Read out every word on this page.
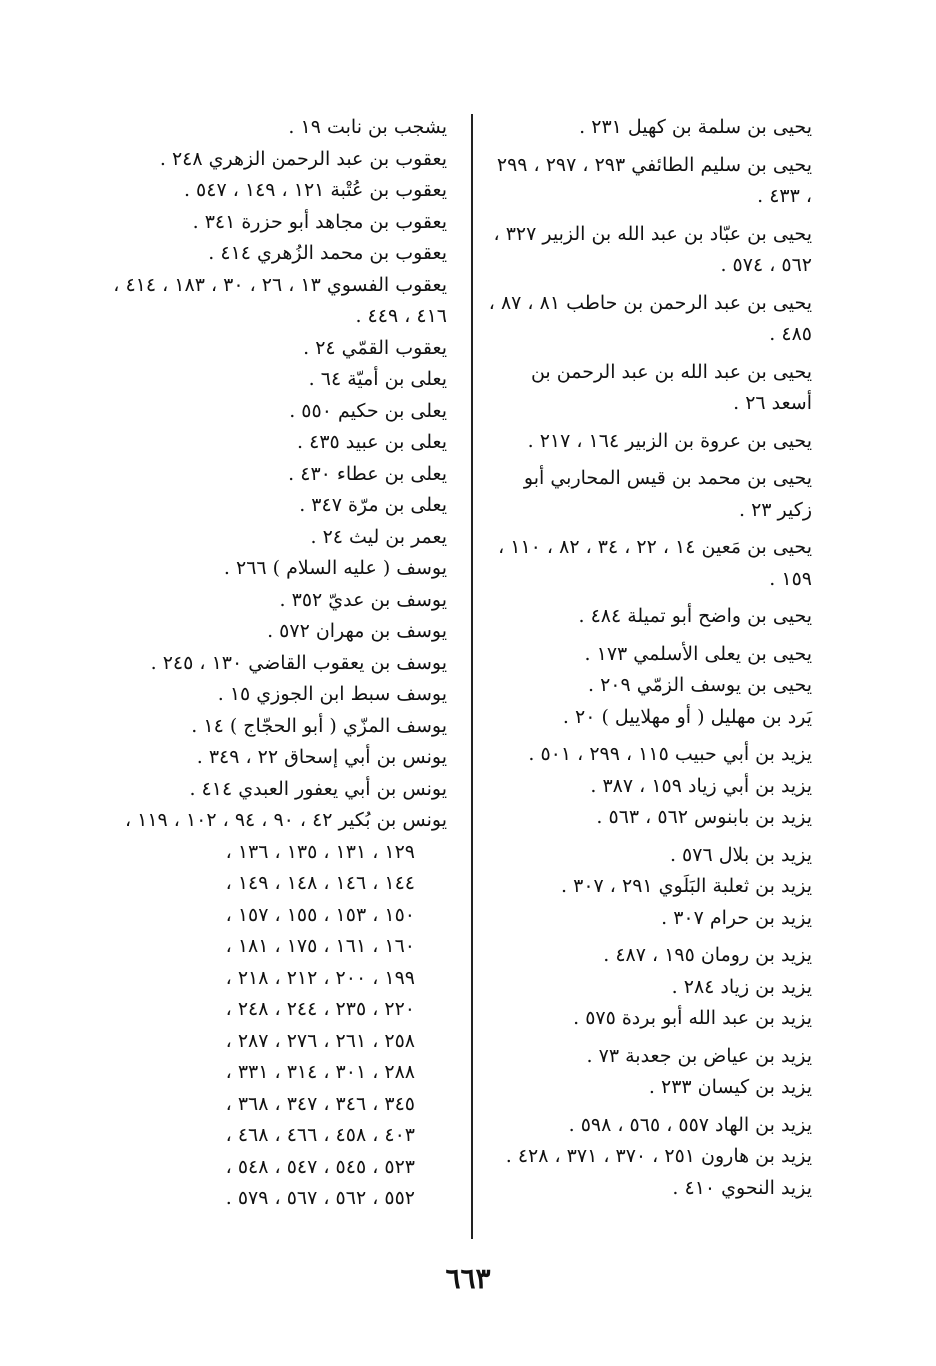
يحيى بن سلمة بن كهيل ٢٣١ .

يحيى بن سليم الطائفي ٢٩٣ ، ٢٩٧ ، ٢٩٩ ، ٤٣٣ .

يحيى بن عبّاد بن عبد الله بن الزبير ٣٢٧ ، ٥٦٢ ، ٥٧٤ .

يحيى بن عبد الرحمن بن حاطب ٨١ ، ٨٧ ، ٤٨٥ .

يحيى بن عبد الله بن عبد الرحمن بن أسعد ٢٦ .

يحيى بن عروة بن الزبير ١٦٤ ، ٢١٧ .

يحيى بن محمد بن قيس المحاربي أبو زكير ٢٣ .

يحيى بن مَعين ١٤ ، ٢٢ ، ٣٤ ، ٨٢ ، ١١٠ ، ١٥٩ .

يحيى بن واضح أبو تميلة ٤٨٤ .

يحيى بن يعلى الأسلمي ١٧٣ .

يحيى بن يوسف الزمّي ٢٠٩ .

يَرد بن مهليل ( أو مهلاييل ) ٢٠ .

يزيد بن أبي حبيب ١١٥ ، ٢٩٩ ، ٥٠١ .

يزيد بن أبي زياد ١٥٩ ، ٣٨٧ .

يزيد بن بابنوس ٥٦٢ ، ٥٦٣ .

يزيد بن بلال ٥٧٦ .

يزيد بن ثعلبة البَلَوي ٢٩١ ، ٣٠٧ .

يزيد بن حرام ٣٠٧ .

يزيد بن رومان ١٩٥ ، ٤٨٧ .

يزيد بن زياد ٢٨٤ .

يزيد بن عبد الله أبو بردة ٥٧٥ .

يزيد بن عياض بن جعدبة ٧٣ .

يزيد بن كيسان ٢٣٣ .

يزيد بن الهاد ٥٥٧ ، ٥٦٥ ، ٥٩٨ .

يزيد بن هارون ٢٥١ ، ٣٧٠ ، ٣٧١ ، ٤٢٨ .

يزيد النحوي ٤١٠ .

يشجب بن نابت ١٩ .

يعقوب بن عبد الرحمن الزهري ٢٤٨ .

يعقوب بن عُتْبة ١٢١ ، ١٤٩ ، ٥٤٧ .

يعقوب بن مجاهد أبو حزرة ٣٤١ .

يعقوب بن محمد الزُهري ٤١٤ .

يعقوب الفسوي ١٣ ، ٢٦ ، ٣٠ ، ١٨٣ ، ٤١٤ ، ٤١٦ ، ٤٤٩ .

يعقوب القمّي ٢٤ .

يعلى بن أميّة ٦٤ .

يعلى بن حكيم ٥٥٠ .

يعلى بن عبيد ٤٣٥ .

يعلى بن عطاء ٤٣٠ .

يعلى بن مرّة ٣٤٧ .

يعمر بن ليث ٢٤ .

يوسف ( عليه السلام ) ٢٦٦ .

يوسف بن عديّ ٣٥٢ .

يوسف بن مهران ٥٧٢ .

يوسف بن يعقوب القاضي ١٣٠ ، ٢٤٥ .

يوسف سبط ابن الجوزي ١٥ .

يوسف المزّي ( أبو الحجّاج ) ١٤ .

يونس بن أبي إسحاق ٢٢ ، ٣٤٩ .

يونس بن أبي يعفور العبدي ٤١٤ .

يونس بن بُكير ٤٢ ، ٩٠ ، ٩٤ ، ١٠٢ ، ١١٩ ،

١٢٩ ، ١٣١ ، ١٣٥ ، ١٣٦ ،

١٤٤ ، ١٤٦ ، ١٤٨ ، ١٤٩ ،

١٥٠ ، ١٥٣ ، ١٥٥ ، ١٥٧ ،

١٦٠ ، ١٦١ ، ١٧٥ ، ١٨١ ،

١٩٩ ، ٢٠٠ ، ٢١٢ ، ٢١٨ ،

٢٢٠ ، ٢٣٥ ، ٢٤٤ ، ٢٤٨ ،

٢٥٨ ، ٢٦١ ، ٢٧٦ ، ٢٨٧ ،

٢٨٨ ، ٣٠١ ، ٣١٤ ، ٣٣١ ،

٣٤٥ ، ٣٤٦ ، ٣٤٧ ، ٣٦٨ ،

٤٠٣ ، ٤٥٨ ، ٤٦٦ ، ٤٦٨ ،

٥٢٣ ، ٥٤٥ ، ٥٤٧ ، ٥٤٨ ،

٥٥٢ ، ٥٦٢ ، ٥٦٧ ، ٥٧٩ .

٦٦٣
